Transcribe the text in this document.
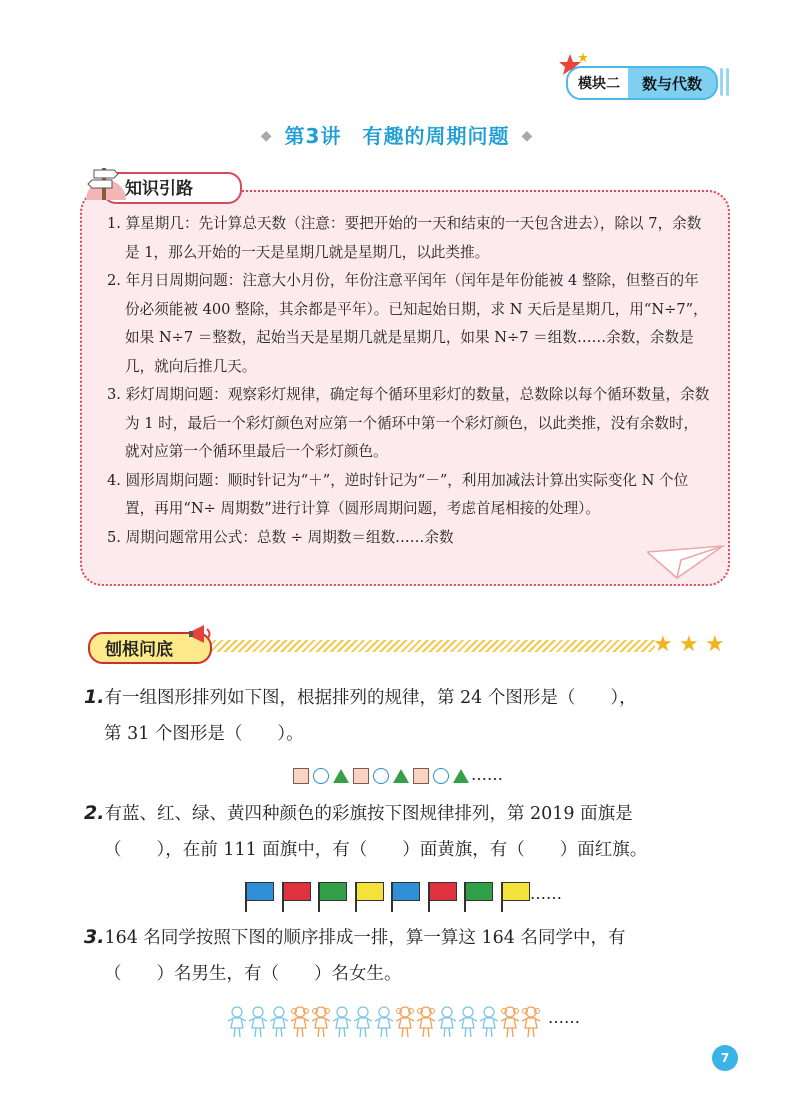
模块二	数与代数
◆ 第3讲　有趣的周期问题 ◆
1. 算星期几：先计算总天数（注意：要把开始的一天和结束的一天包含进去），除以 7，余数是 1，那么开始的一天是星期几就是星期几，以此类推。
2. 年月日周期问题：注意大小月份，年份注意平闰年（闰年是年份能被 4 整除，但整百的年份必须能被 400 整除，其余都是平年）。已知起始日期，求 N 天后是星期几，用“N÷7”，如果 N÷7 ＝整数，起始当天是星期几就是星期几，如果 N÷7 ＝组数……余数，余数是几，就向后推几天。
3. 彩灯周期问题：观察彩灯规律，确定每个循环里彩灯的数量，总数除以每个循环数量，余数为 1 时，最后一个彩灯颜色对应第一个循环中第一个彩灯颜色，以此类推，没有余数时，就对应第一个循环里最后一个彩灯颜色。
4. 圆形周期问题：顺时针记为“＋”，逆时针记为“－”，利用加减法计算出实际变化 N 个位置，再用“N÷ 周期数”进行计算（圆形周期问题，考虑首尾相接的处理）。
5. 周期问题常用公式：总数 ÷ 周期数＝组数……余数
知识引路
刨根问底	★ ★ ★
1.有一组图形排列如下图，根据排列的规律，第 24 个图形是（　　），
第 31 个图形是（　　）。
……
2.有蓝、红、绿、黄四种颜色的彩旗按下图规律排列，第 2019 面旗是
（　　），在前 111 面旗中，有（　　）面黄旗，有（　　）面红旗。
……
3.164 名同学按照下图的顺序排成一排，算一算这 164 名同学中，有
（　　）名男生，有（　　）名女生。
……
7
